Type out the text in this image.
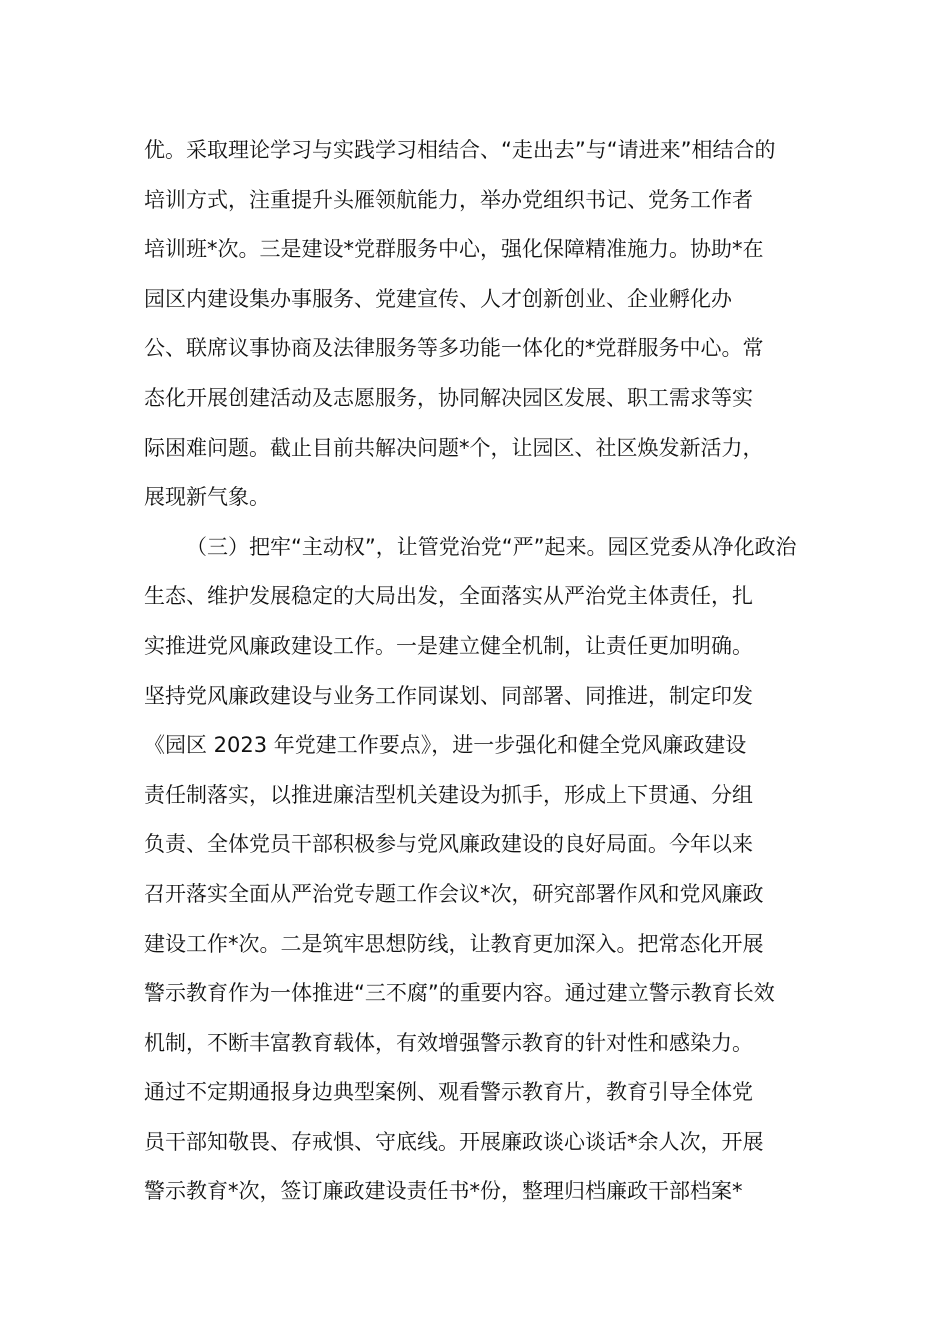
优。采取理论学习与实践学习相结合、“走出去”与“请进来”相结合的
培训方式，注重提升头雁领航能力，举办党组织书记、党务工作者
培训班*次。三是建设*党群服务中心，强化保障精准施力。协助*在
园区内建设集办事服务、党建宣传、人才创新创业、企业孵化办
公、联席议事协商及法律服务等多功能一体化的*党群服务中心。常
态化开展创建活动及志愿服务，协同解决园区发展、职工需求等实
际困难问题。截止目前共解决问题*个，让园区、社区焕发新活力，
展现新气象。
（三）把牢“主动权”，让管党治党“严”起来。园区党委从净化政治
生态、维护发展稳定的大局出发，全面落实从严治党主体责任，扎
实推进党风廉政建设工作。一是建立健全机制，让责任更加明确。
坚持党风廉政建设与业务工作同谋划、同部署、同推进，制定印发
《园区 2023 年党建工作要点》，进一步强化和健全党风廉政建设
责任制落实，以推进廉洁型机关建设为抓手，形成上下贯通、分组
负责、全体党员干部积极参与党风廉政建设的良好局面。今年以来
召开落实全面从严治党专题工作会议*次，研究部署作风和党风廉政
建设工作*次。二是筑牢思想防线，让教育更加深入。把常态化开展
警示教育作为一体推进“三不腐”的重要内容。通过建立警示教育长效
机制，不断丰富教育载体，有效增强警示教育的针对性和感染力。
通过不定期通报身边典型案例、观看警示教育片，教育引导全体党
员干部知敬畏、存戒惧、守底线。开展廉政谈心谈话*余人次，开展
警示教育*次，签订廉政建设责任书*份，整理归档廉政干部档案*
